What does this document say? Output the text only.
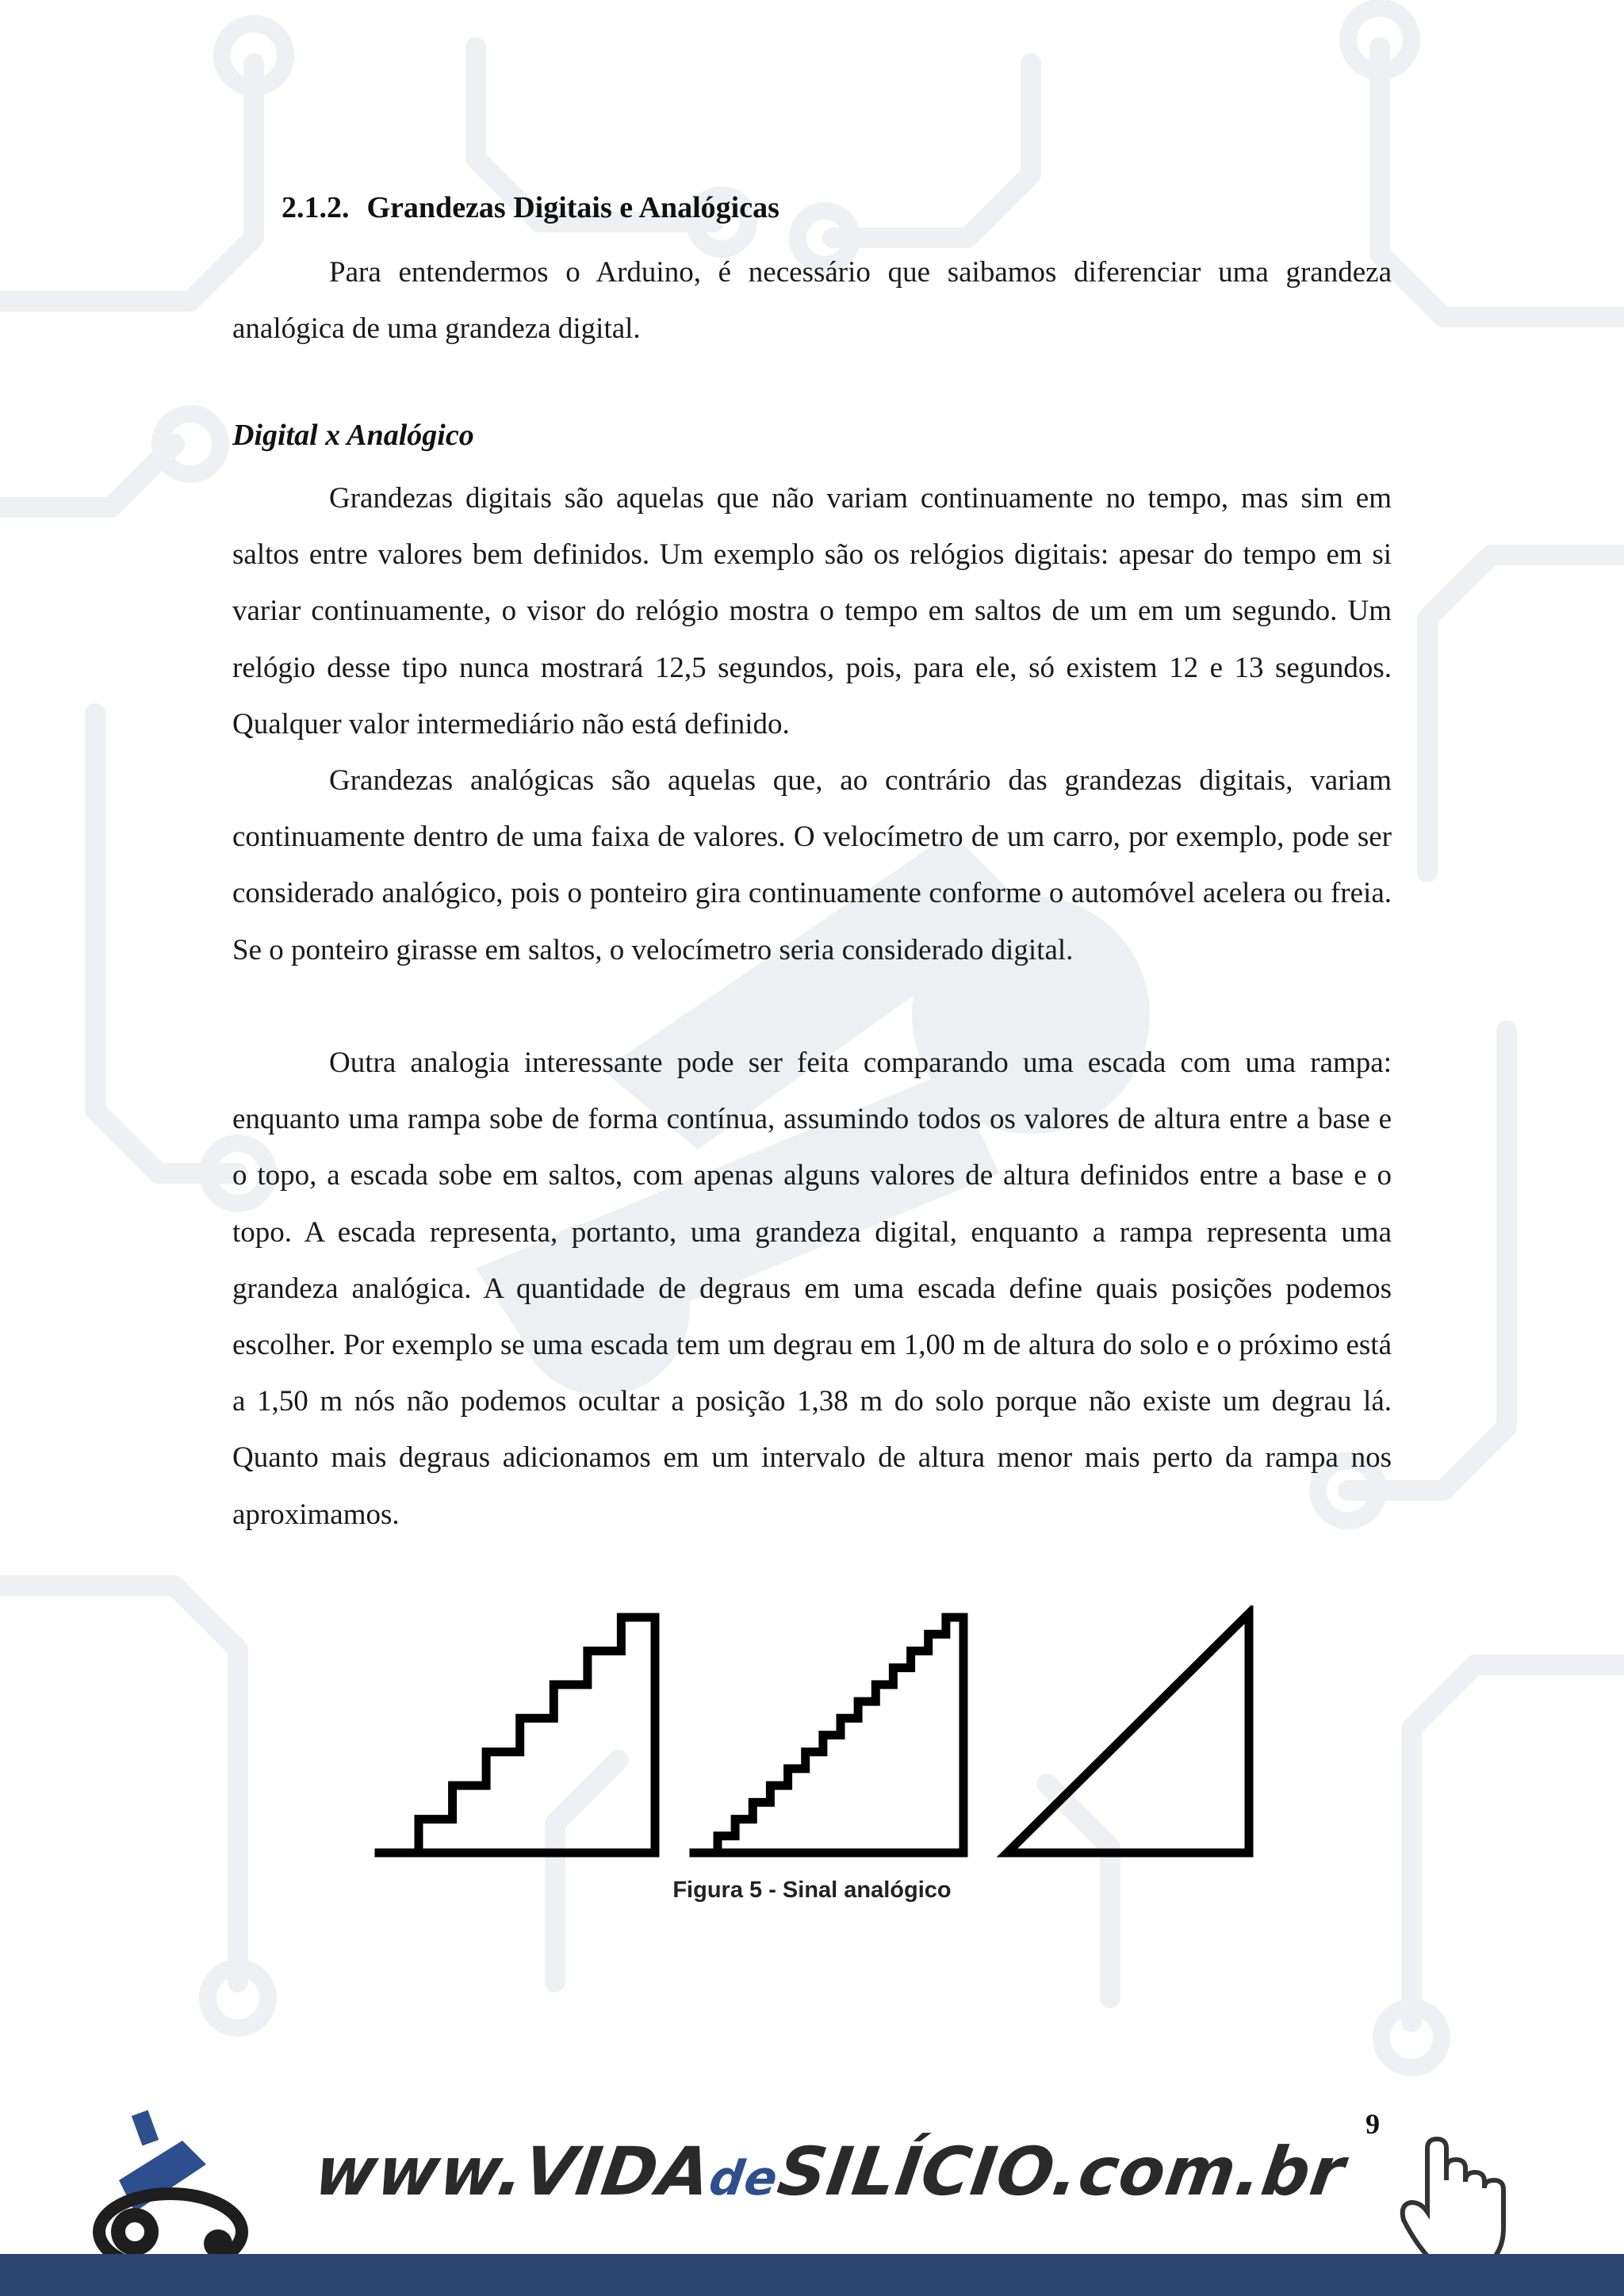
2.1.2. Grandezas Digitais e Analógicas
Para entendermos o Arduino, é necessário que saibamos diferenciar uma grandeza analógica de uma grandeza digital.
Digital x Analógico
Grandezas digitais são aquelas que não variam continuamente no tempo, mas sim em saltos entre valores bem definidos. Um exemplo são os relógios digitais: apesar do tempo em si variar continuamente, o visor do relógio mostra o tempo em saltos de um em um segundo. Um relógio desse tipo nunca mostrará 12,5 segundos, pois, para ele, só existem 12 e 13 segundos. Qualquer valor intermediário não está definido.
Grandezas analógicas são aquelas que, ao contrário das grandezas digitais, variam continuamente dentro de uma faixa de valores. O velocímetro de um carro, por exemplo, pode ser considerado analógico, pois o ponteiro gira continuamente conforme o automóvel acelera ou freia. Se o ponteiro girasse em saltos, o velocímetro seria considerado digital.
Outra analogia interessante pode ser feita comparando uma escada com uma rampa: enquanto uma rampa sobe de forma contínua, assumindo todos os valores de altura entre a base e o topo, a escada sobe em saltos, com apenas alguns valores de altura definidos entre a base e o topo. A escada representa, portanto, uma grandeza digital, enquanto a rampa representa uma grandeza analógica. A quantidade de degraus em uma escada define quais posições podemos escolher. Por exemplo se uma escada tem um degrau em 1,00 m de altura do solo e o próximo está a 1,50 m nós não podemos ocultar a posição 1,38 m do solo porque não existe um degrau lá. Quanto mais degraus adicionamos em um intervalo de altura menor mais perto da rampa nos aproximamos.
Figura 5 - Sinal analógico
9
www.VIDAdeSILÍCIO.com.br
